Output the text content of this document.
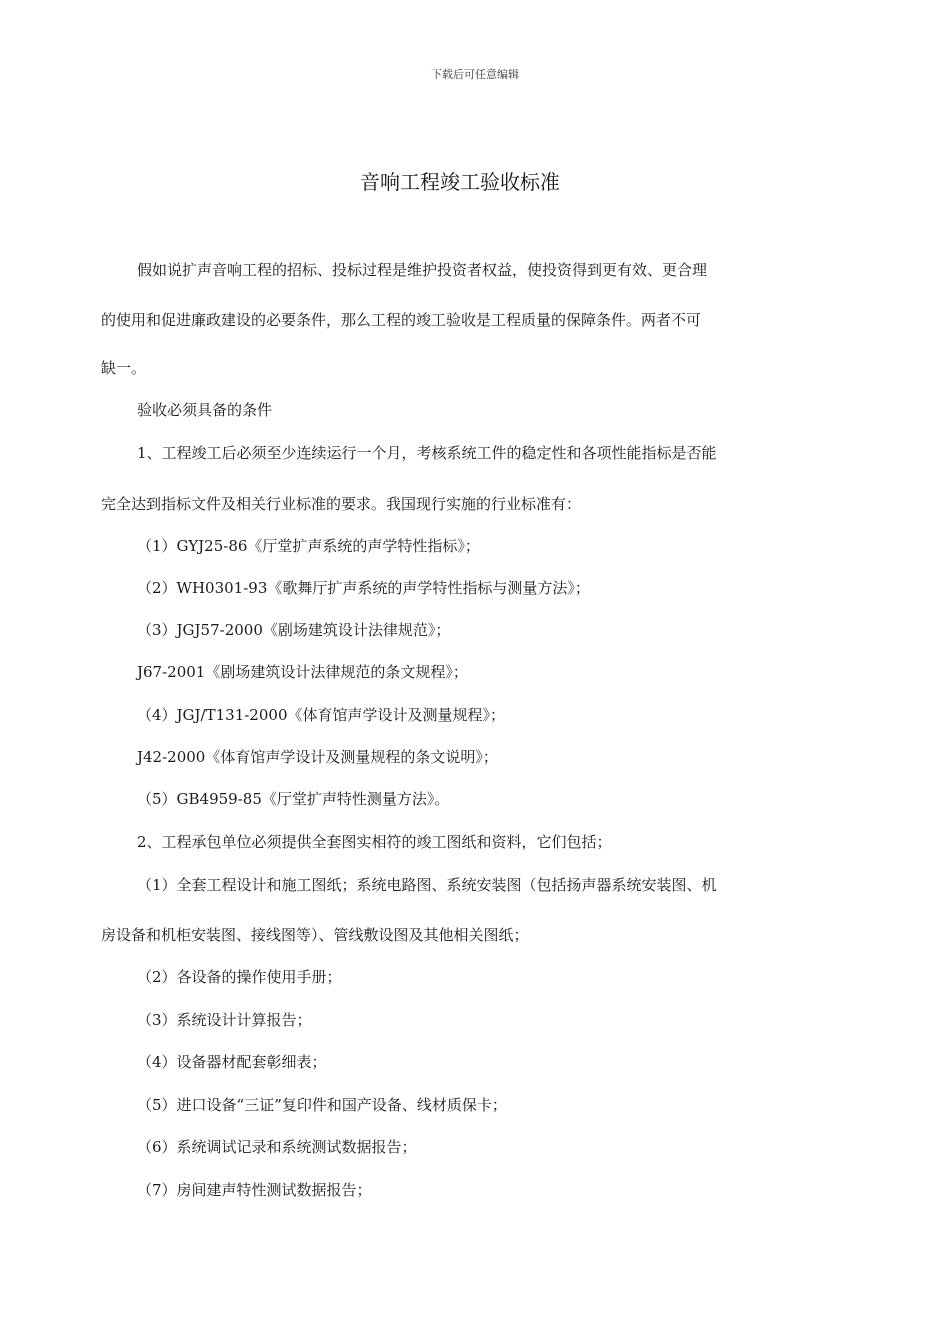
下载后可任意编辑
音响工程竣工验收标准
假如说扩声音响工程的招标、投标过程是维护投资者权益，使投资得到更有效、更合理
的使用和促进廉政建设的必要条件，那么工程的竣工验收是工程质量的保障条件。两者不可
缺一。
验收必须具备的条件
1、工程竣工后必须至少连续运行一个月，考核系统工件的稳定性和各项性能指标是否能
完全达到指标文件及相关行业标准的要求。我国现行实施的行业标准有：
（1）GYJ25-86《厅堂扩声系统的声学特性指标》；
（2）WH0301-93《歌舞厅扩声系统的声学特性指标与测量方法》；
（3）JGJ57-2000《剧场建筑设计法律规范》；
J67-2001《剧场建筑设计法律规范的条文规程》；
（4）JGJ/T131-2000《体育馆声学设计及测量规程》；
J42-2000《体育馆声学设计及测量规程的条文说明》；
（5）GB4959-85《厅堂扩声特性测量方法》。
2、工程承包单位必须提供全套图实相符的竣工图纸和资料，它们包括；
（1）全套工程设计和施工图纸；系统电路图、系统安装图（包括扬声器系统安装图、机
房设备和机柜安装图、接线图等）、管线敷设图及其他相关图纸；
（2）各设备的操作使用手册；
（3）系统设计计算报告；
（4）设备器材配套彰细表；
（5）进口设备“三证”复印件和国产设备、线材质保卡；
（6）系统调试记录和系统测试数据报告；
（7）房间建声特性测试数据报告；
